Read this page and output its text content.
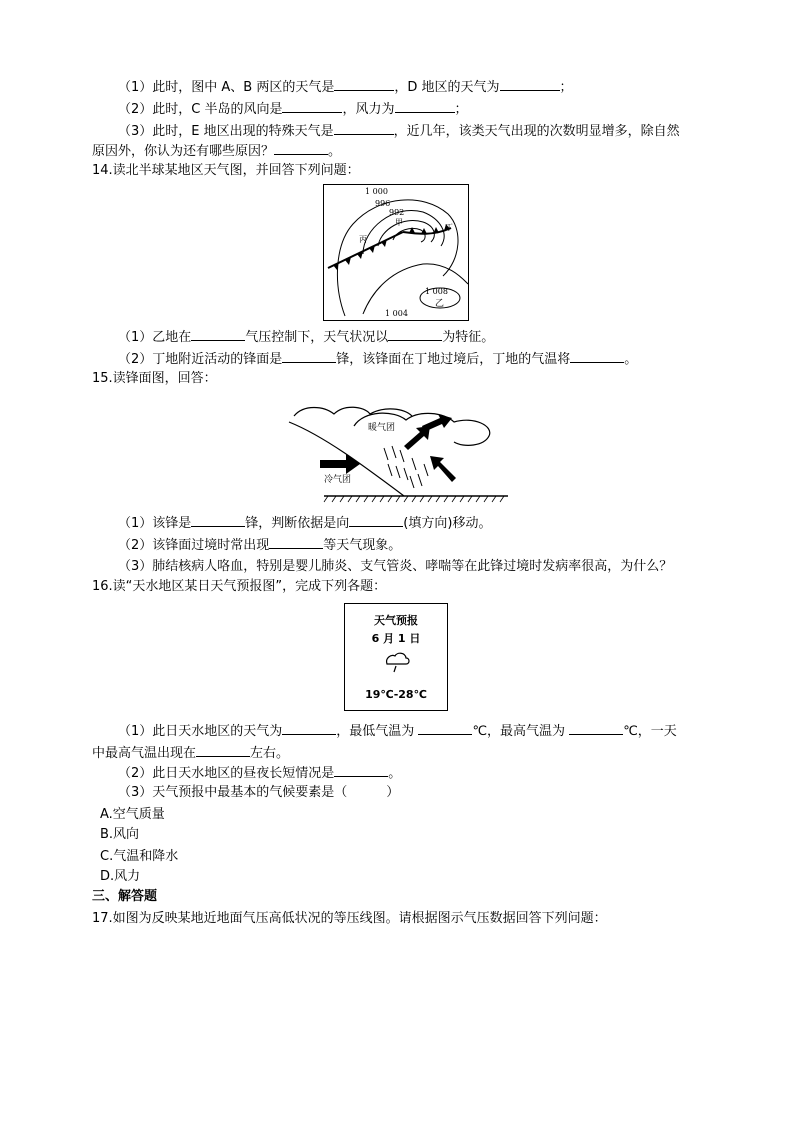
（1）此时，图中 A、B 两区的天气是	，D 地区的天气为	；
（2）此时，C 半岛的风向是	，风力为	；
（3）此时，E 地区出现的特殊天气是	，近几年，该类天气出现的次数明显增多，除自然
原因外，你认为还有哪些原因？	。
14.读北半球某地区天气图，并回答下列问题：
1 000
996
992
1 008
1 004
甲
乙
丙
丁
（1）乙地在	气压控制下，天气状况以	为特征。
（2）丁地附近活动的锋面是	锋，该锋面在丁地过境后，丁地的气温将	。
15.读锋面图，回答：
暖气团
冷气团
（1）该锋是	锋，判断依据是向	(填方向)移动。
（2）该锋面过境时常出现	等天气现象。
（3）肺结核病人咯血，特别是婴儿肺炎、支气管炎、哮喘等在此锋过境时发病率很高，为什么？
16.读“天水地区某日天气预报图”，完成下列各题：
天气预报
6 月 1 日
19℃-28℃
（1）此日天水地区的天气为	，最低气温为	℃，最高气温为	℃，一天
中最高气温出现在	左右。
（2）此日天水地区的昼夜长短情况是	。
（3）天气预报中最基本的气候要素是（　　　）
A.空气质量
B.风向
C.气温和降水
D.风力
三、解答题
17.如图为反映某地近地面气压高低状况的等压线图。请根据图示气压数据回答下列问题：
